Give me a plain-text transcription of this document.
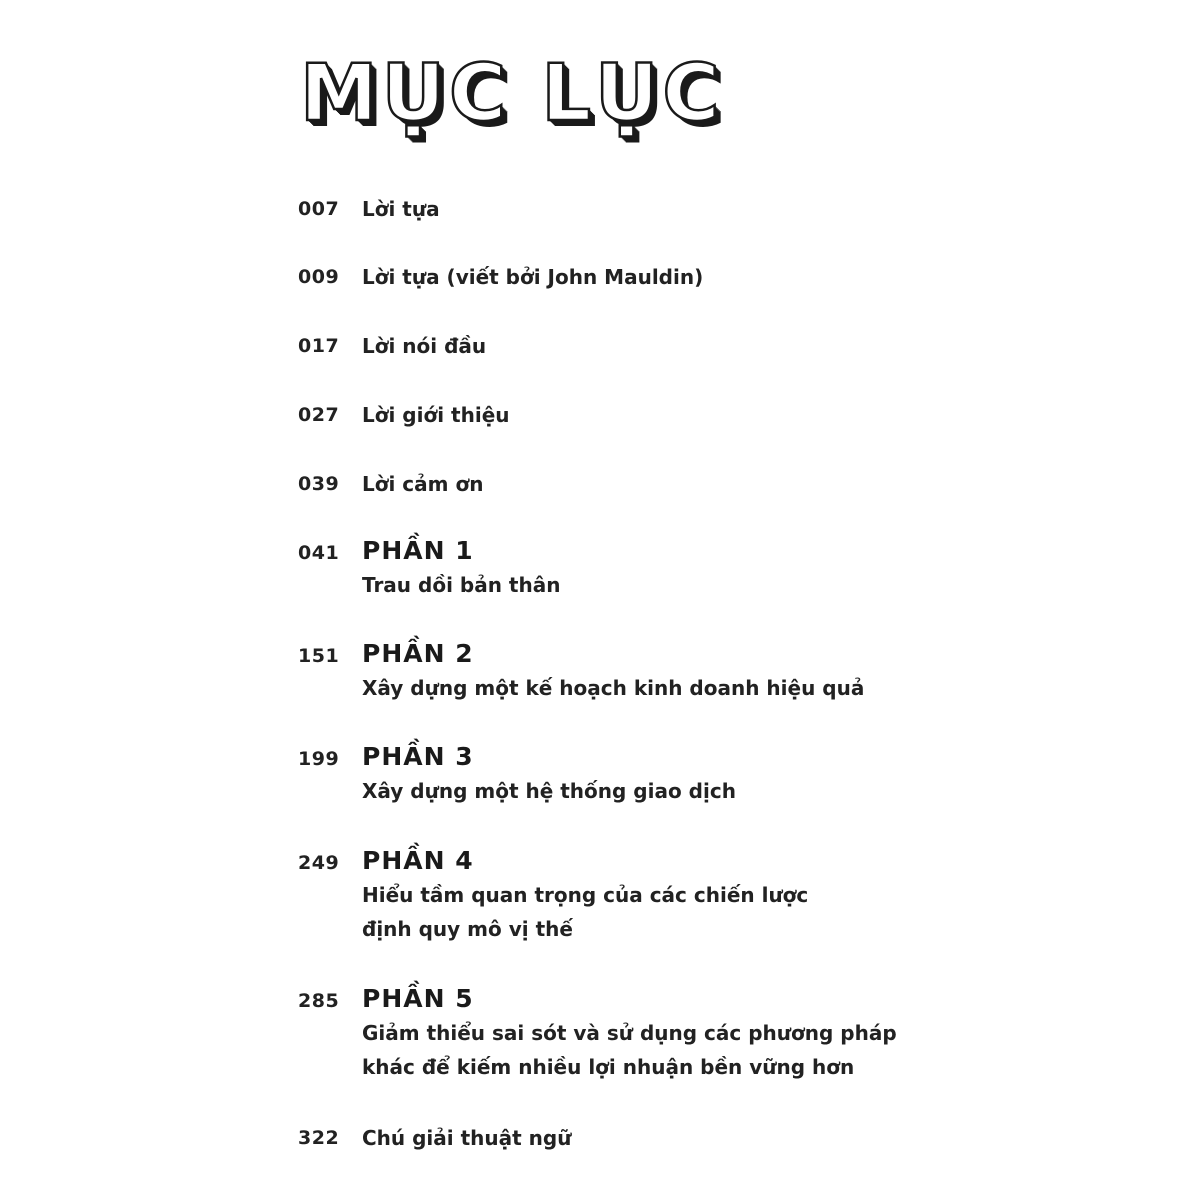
MỤC LỤC
007	Lời tựa
009	Lời tựa (viết bởi John Mauldin)
017	Lời nói đầu
027	Lời giới thiệu
039	Lời cảm ơn
041 PHẦN 1
Trau dồi bản thân
151 PHẦN 2
Xây dựng một kế hoạch kinh doanh hiệu quả
199 PHẦN 3
Xây dựng một hệ thống giao dịch
249 PHẦN 4
Hiểu tầm quan trọng của các chiến lược
định quy mô vị thế
285 PHẦN 5
Giảm thiểu sai sót và sử dụng các phương pháp
khác để kiếm nhiều lợi nhuận bền vững hơn
322	Chú giải thuật ngữ
